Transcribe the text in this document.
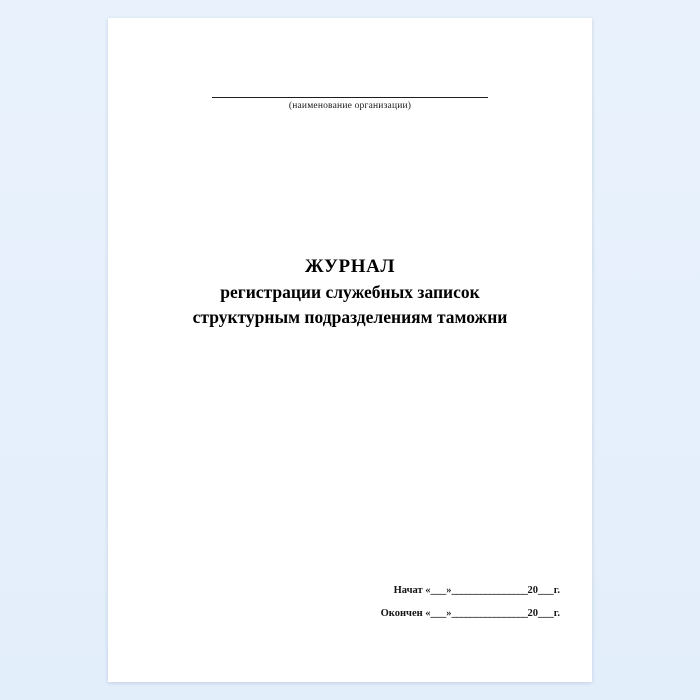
(наименование организации)
ЖУРНАЛ
регистрации служебных записок
структурным подразделениям таможни
Начат «___»________________20___г.
Окончен «___»________________20___г.
